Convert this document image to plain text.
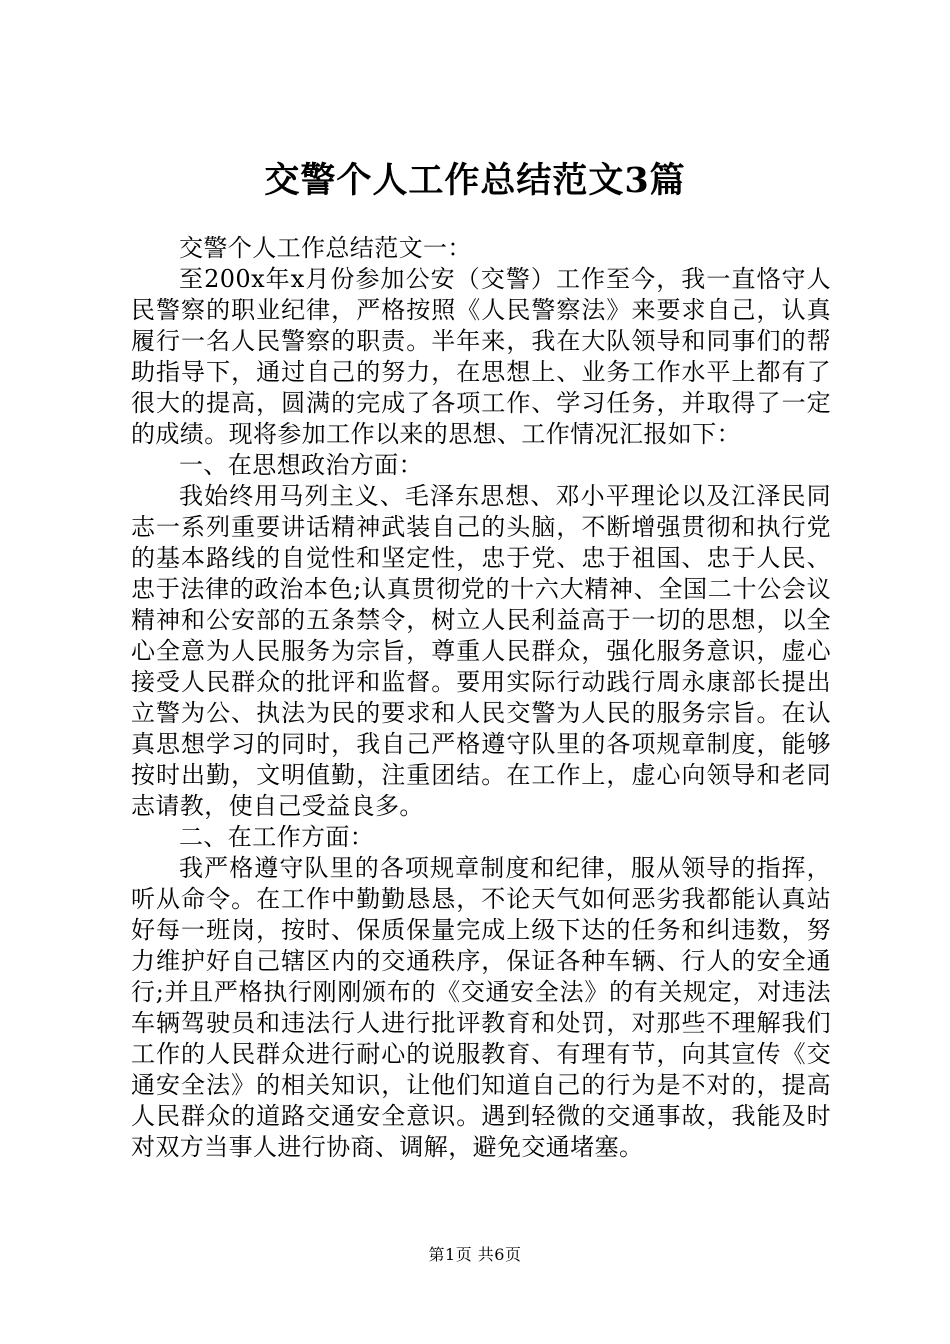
交警个人工作总结范文3篇

交警个人工作总结范文一：

至200x年x月份参加公安（交警）工作至今，我一直恪守人民警察的职业纪律，严格按照《人民警察法》来要求自己，认真履行一名人民警察的职责。半年来，我在大队领导和同事们的帮助指导下，通过自己的努力，在思想上、业务工作水平上都有了很大的提高，圆满的完成了各项工作、学习任务，并取得了一定的成绩。现将参加工作以来的思想、工作情况汇报如下：

一、在思想政治方面：

我始终用马列主义、毛泽东思想、邓小平理论以及江泽民同志一系列重要讲话精神武装自己的头脑，不断增强贯彻和执行党的基本路线的自觉性和坚定性，忠于党、忠于祖国、忠于人民、忠于法律的政治本色;认真贯彻党的十六大精神、全国二十公会议精神和公安部的五条禁令，树立人民利益高于一切的思想，以全心全意为人民服务为宗旨，尊重人民群众，强化服务意识，虚心接受人民群众的批评和监督。要用实际行动践行周永康部长提出立警为公、执法为民的要求和人民交警为人民的服务宗旨。在认真思想学习的同时，我自己严格遵守队里的各项规章制度，能够按时出勤，文明值勤，注重团结。在工作上，虚心向领导和老同志请教，使自己受益良多。

二、在工作方面：

我严格遵守队里的各项规章制度和纪律，服从领导的指挥，听从命令。在工作中勤勤恳恳，不论天气如何恶劣我都能认真站好每一班岗，按时、保质保量完成上级下达的任务和纠违数，努力维护好自己辖区内的交通秩序，保证各种车辆、行人的安全通行;并且严格执行刚刚颁布的《交通安全法》的有关规定，对违法车辆驾驶员和违法行人进行批评教育和处罚，对那些不理解我们工作的人民群众进行耐心的说服教育、有理有节，向其宣传《交通安全法》的相关知识，让他们知道自己的行为是不对的，提高人民群众的道路交通安全意识。遇到轻微的交通事故，我能及时对双方当事人进行协商、调解，避免交通堵塞。

第1页 共6页
